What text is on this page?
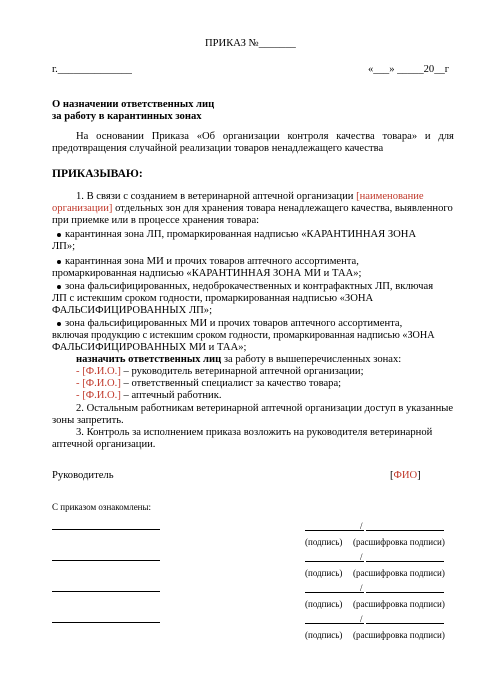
ПРИКАЗ №_______
г.______________	«___» _____20__г
О назначении ответственных лиц
за работу в карантинных зонах
На основании Приказа «Об организации контроля качества товара» и для
предотвращения случайной реализации товаров ненадлежащего качества
ПРИКАЗЫВАЮ:
1. В связи с созданием в ветеринарной аптечной организации [наименование
организации] отдельных зон для хранения товара ненадлежащего качества, выявленного
при приемке или в процессе хранения товара:
карантинная зона ЛП, промаркированная надписью «КАРАНТИННАЯ ЗОНА
ЛП»;
карантинная зона МИ и прочих товаров аптечного ассортимента,
промаркированная надписью «КАРАНТИННАЯ ЗОНА МИ и ТАА»;
зона фальсифицированных, недоброкачественных и контрафактных ЛП, включая
ЛП с истекшим сроком годности, промаркированная надписью «ЗОНА
ФАЛЬСИФИЦИРОВАННЫХ ЛП»;
зона фальсифицированных МИ и прочих товаров аптечного ассортимента,
включая продукцию с истекшим сроком годности, промаркированная надписью «ЗОНА
ФАЛЬСИФИЦИРОВАННЫХ МИ и ТАА»;
назначить ответственных лиц за работу в вышеперечисленных зонах:
- [Ф.И.О.] – руководитель ветеринарной аптечной организации;
- [Ф.И.О.] – ответственный специалист за качество товара;
- [Ф.И.О.] – аптечный работник.
2. Остальным работникам ветеринарной аптечной организации доступ в указанные
зоны запретить.
3. Контроль за исполнением приказа возложить на руководителя ветеринарной
аптечной организации.
Руководитель	[ФИО]
С приказом ознакомлены:
/
(подпись) (расшифровка подписи)
/
(подпись) (расшифровка подписи)
/
(подпись) (расшифровка подписи)
/
(подпись) (расшифровка подписи)
